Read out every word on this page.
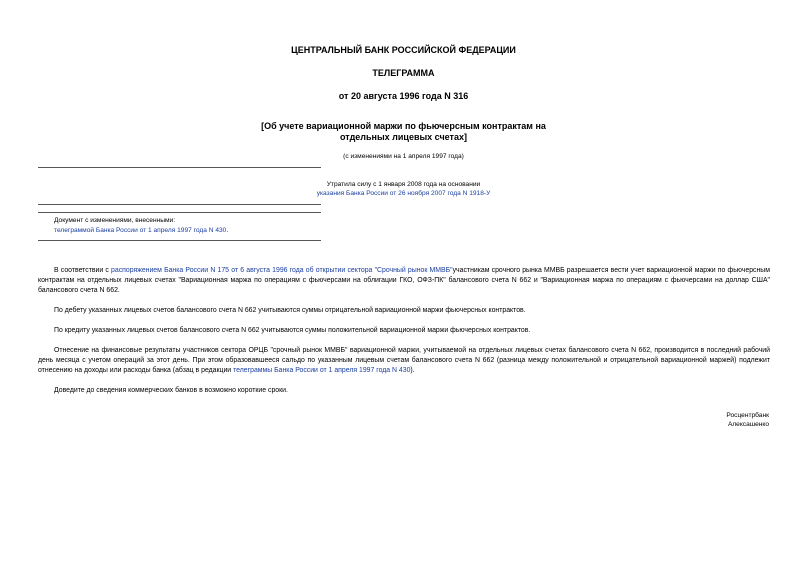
ЦЕНТРАЛЬНЫЙ БАНК РОССИЙСКОЙ ФЕДЕРАЦИИ
ТЕЛЕГРАММА
от 20 августа 1996 года N 316
[Об учете вариационной маржи по фьючерсным контрактам на
отдельных лицевых счетах]
(с изменениями на 1 апреля 1997 года)
Утратила силу с 1 января 2008 года на основании
указания Банка России от 26 ноября 2007 года N 1918-У
Документ с изменениями, внесенными:
телеграммой Банка России от 1 апреля 1997 года N 430.

В соответствии с распоряжением Банка России N 175 от 6 августа 1996 года об открытии сектора "Срочный рынок ММВБ"участникам срочного рынка ММВБ разрешается вести учет вариационной маржи по фьючерсным контрактам на отдельных лицевых счетах "Вариационная маржа по операциям с фьючерсами на облигации ГКО, ОФЗ-ПК" балансового счета N 662 и "Вариационная маржа по операциям с фьючерсами на доллар США" балансового счета N 662.

По дебету указанных лицевых счетов балансового счета N 662 учитываются суммы отрицательной вариационной маржи фьючерсных контрактов.

По кредиту указанных лицевых счетов балансового счета N 662 учитываются суммы положительной вариационной маржи фьючерсных контрактов.

Отнесение на финансовые результаты участников сектора ОРЦБ "срочный рынок ММВБ" вариационной маржи, учитываемой на отдельных лицевых счетах балансового счета N 662, производится в последний рабочий день месяца с учетом операций за этот день. При этом образовавшееся сальдо по указанным лицевым счетам балансового счета N 662 (разница между положительной и отрицательной вариационной маржей) подлежит отнесению на доходы или расходы банка (абзац в редакции телеграммы Банка России от 1 апреля 1997 года N 430).

Доведите до сведения коммерческих банков в возможно короткие сроки.

Росцентрбанк
Алексашенко
